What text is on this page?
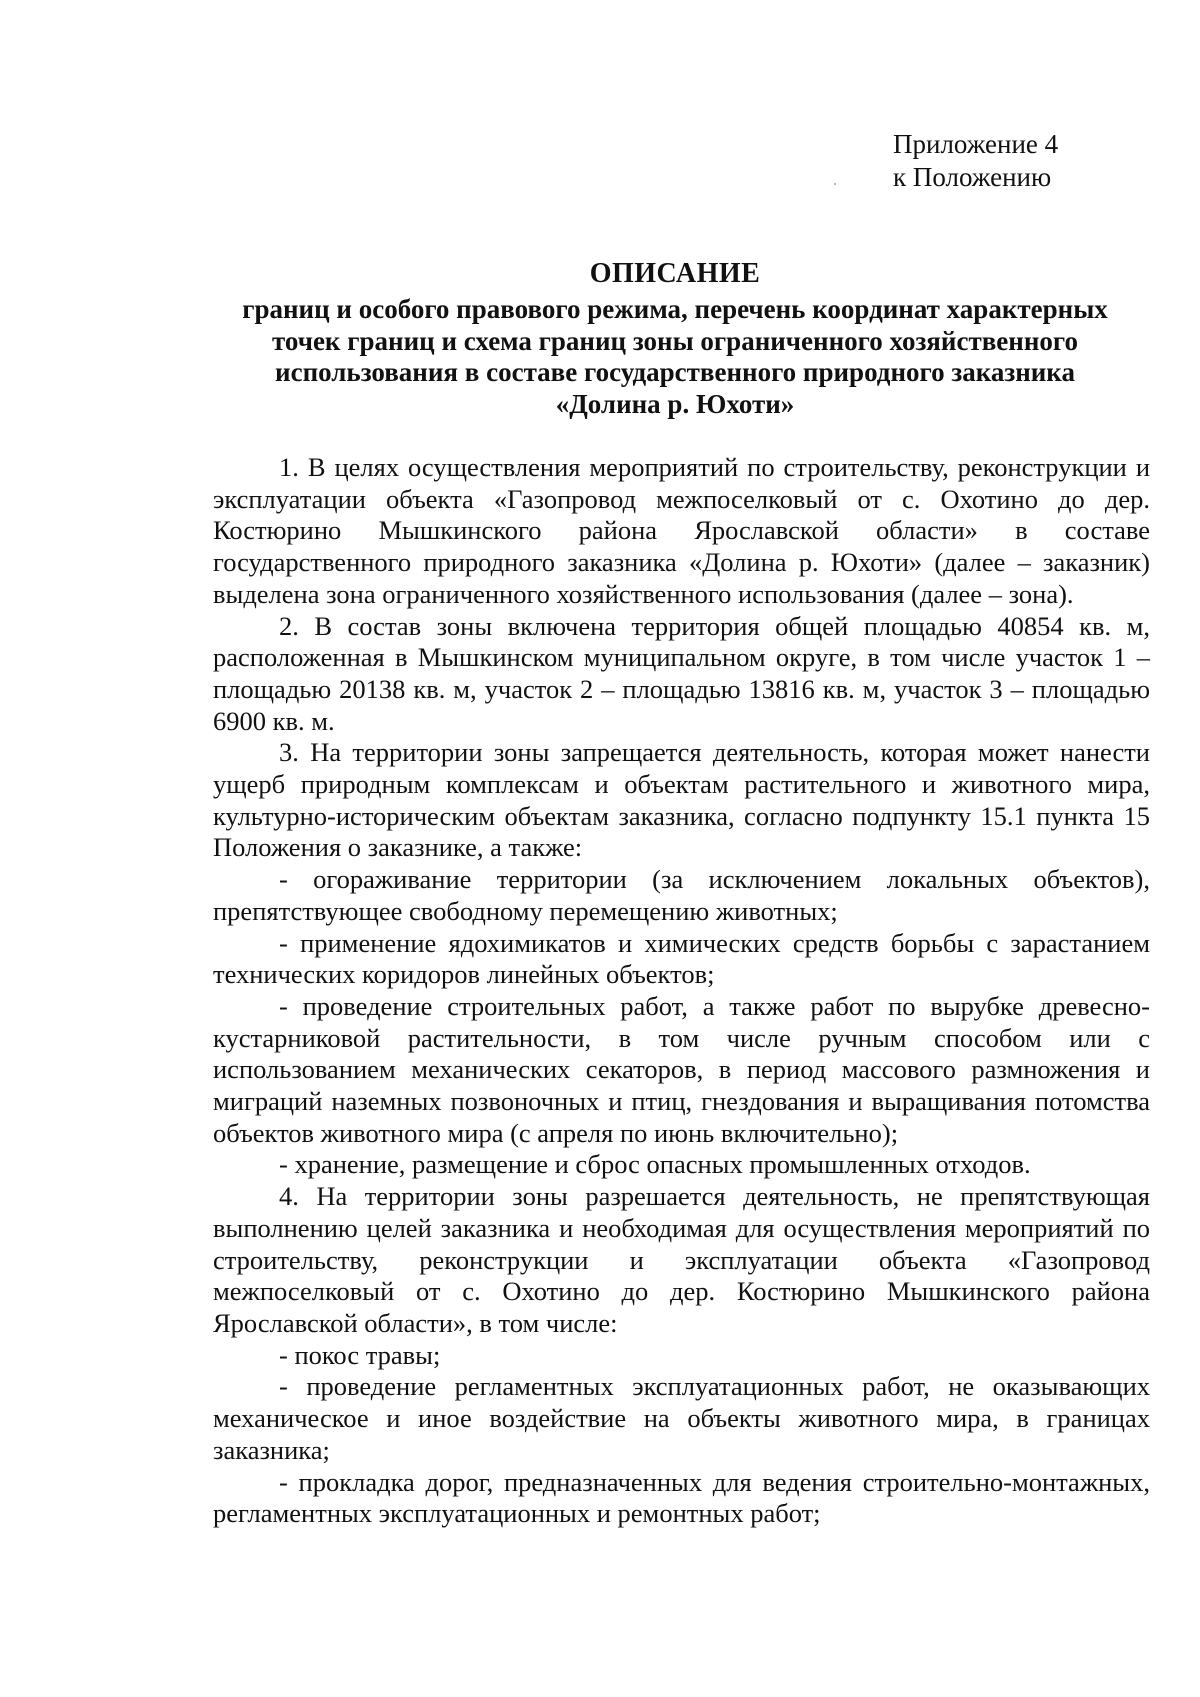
Приложение 4
к Положению
ОПИСАНИЕ
границ и особого правового режима, перечень координат характерных
точек границ и схема границ зоны ограниченного хозяйственного
использования в составе государственного природного заказника
«Долина р. Юхоти»

1. В целях осуществления мероприятий по строительству, реконструкции и эксплуатации объекта «Газопровод межпоселковый от с. Охотино до дер. Костюрино Мышкинского района Ярославской области» в составе государственного природного заказника «Долина р. Юхоти» (далее – заказник) выделена зона ограниченного хозяйственного использования (далее – зона).

2. В состав зоны включена территория общей площадью 40854 кв. м, расположенная в Мышкинском муниципальном округе, в том числе участок 1 – площадью 20138 кв. м, участок 2 – площадью 13816 кв. м, участок 3 – площадью 6900 кв. м.

3. На территории зоны запрещается деятельность, которая может нанести ущерб природным комплексам и объектам растительного и животного мира, культурно-историческим объектам заказника, согласно подпункту 15.1 пункта 15 Положения о заказнике, а также:

- огораживание территории (за исключением локальных объектов), препятствующее свободному перемещению животных;

- применение ядохимикатов и химических средств борьбы с зарастанием технических коридоров линейных объектов;

- проведение строительных работ, а также работ по вырубке древесно-кустарниковой растительности, в том числе ручным способом или с использованием механических секаторов, в период массового размножения и миграций наземных позвоночных и птиц, гнездования и выращивания потомства объектов животного мира (с апреля по июнь включительно);

- хранение, размещение и сброс опасных промышленных отходов.

4. На территории зоны разрешается деятельность, не препятствующая выполнению целей заказника и необходимая для осуществления мероприятий по строительству, реконструкции и эксплуатации объекта «Газопровод межпоселковый от с. Охотино до дер. Костюрино Мышкинского района Ярославской области», в том числе:

- покос травы;

- проведение регламентных эксплуатационных работ, не оказывающих механическое и иное воздействие на объекты животного мира, в границах заказника;

- прокладка дорог, предназначенных для ведения строительно-монтажных, регламентных эксплуатационных и ремонтных работ;
